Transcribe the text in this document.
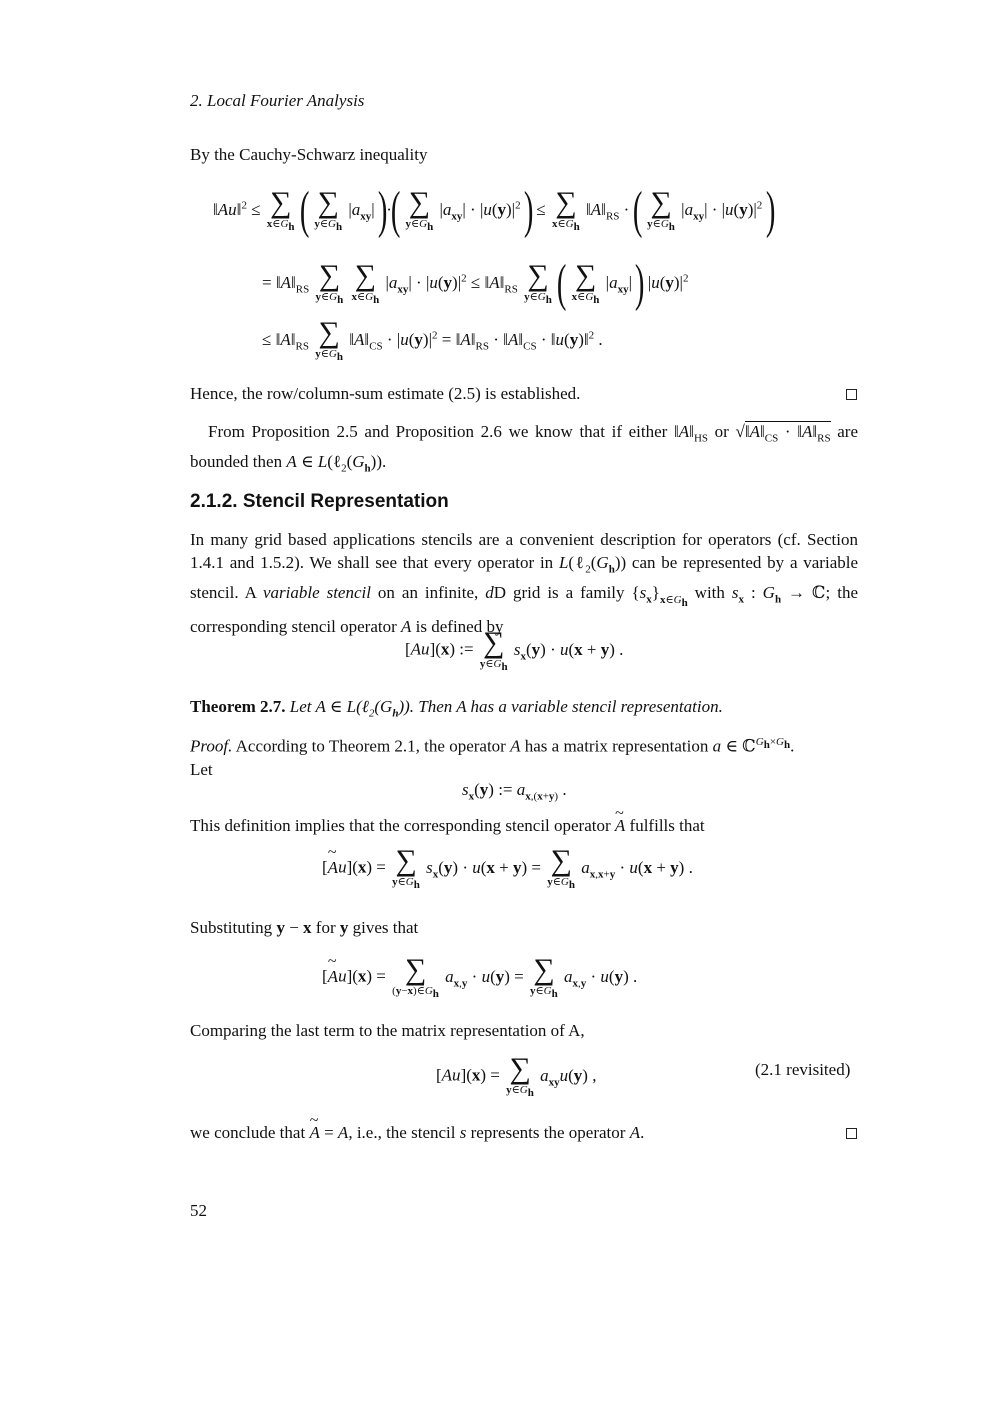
2. Local Fourier Analysis
By the Cauchy-Schwarz inequality
‖Au‖$^2$ ≤ ∑
$x\in G_h$ ( ∑
$y\in G_h$
$|a_{xy}|$ )·( ∑
$y\in G_h$
$|a_{xy}| \cdot |u(y)|^2$ ) ≤ ∑
$x\in G_h$
$‖A‖_{RS}$ · ( ∑
$y\in G_h$
$|a_{xy}| \cdot |u(y)|^2$ )
= $‖A‖_{RS}$ ∑
$y\in G_h$

∑
$x\in G_h$
$|a_{xy}| \cdot |u(y)|^2$ ≤ $‖A‖_{RS}$ ∑
$y\in G_h$ ( ∑
$x\in G_h$
$|a_{xy}|$ ) $|u(y)|^2$
≤ $‖A‖_{RS}$ ∑
$y\in G_h$
$‖A‖_{CS} \cdot |u(y)|^2$ = $‖A‖_{RS}$ · $‖A‖_{CS}$ · ‖u(y)‖$^2$ .
Hence, the row/column-sum estimate (2.5) is established.
From Proposition 2.5 and Proposition 2.6 we know that if either $‖A‖_{HS}$ or $√‖A‖_{CS}$ · $‖A‖_{RS}$ are bounded then A ∈ $L(\ell_2(G_h))$.
2.1.2. Stencil Representation
In many grid based applications stencils are a convenient description for operators (cf. Section 1.4.1 and 1.5.2). We shall see that every operator in $L(\ell_2(G_h))$ can be represented by a variable stencil. A variable stencil on an infinite, dD grid is a family $\{s_x\}_{x\in G_h}$ with $s_x$ : $G_h$ → ℂ; the corresponding stencil operator A is defined by
[Au](x) := ∑
$y\in G_h$
$s_x(y) \cdot u(x + y)$ .
Theorem 2.7. Let A ∈ $L(\ell_2(G_h))$. Then A has a variable stencil representation.
Proof. According to Theorem 2.1, the operator A has a matrix representation a ∈ ℂ$^{G_h\times G_h}$.
Let
$s_x(y)$ := $a_{x,(x+y)}$ .
This definition implies that the corresponding stencil operator ~ A fulfills that
[~ Au](x) = ∑
$y\in G_h$
$s_x(y) \cdot u(x + y)$ = ∑
$y\in G_h$
$a_{x,x+y} \cdot u(x + y)$ .
Substituting y − x for y gives that
[~ Au](x) = ∑
$(y-x)\in G_h$
$a_{x,y} \cdot u(y)$ = ∑
$y\in G_h$
$a_{x,y} \cdot u(y)$ .
Comparing the last term to the matrix representation of A,
[Au](x) = ∑
$y\in G_h$
$a_{xy}u(y)$ ,	(2.1 revisited)
we conclude that ~ A = A, i.e., the stencil s represents the operator A.
52
